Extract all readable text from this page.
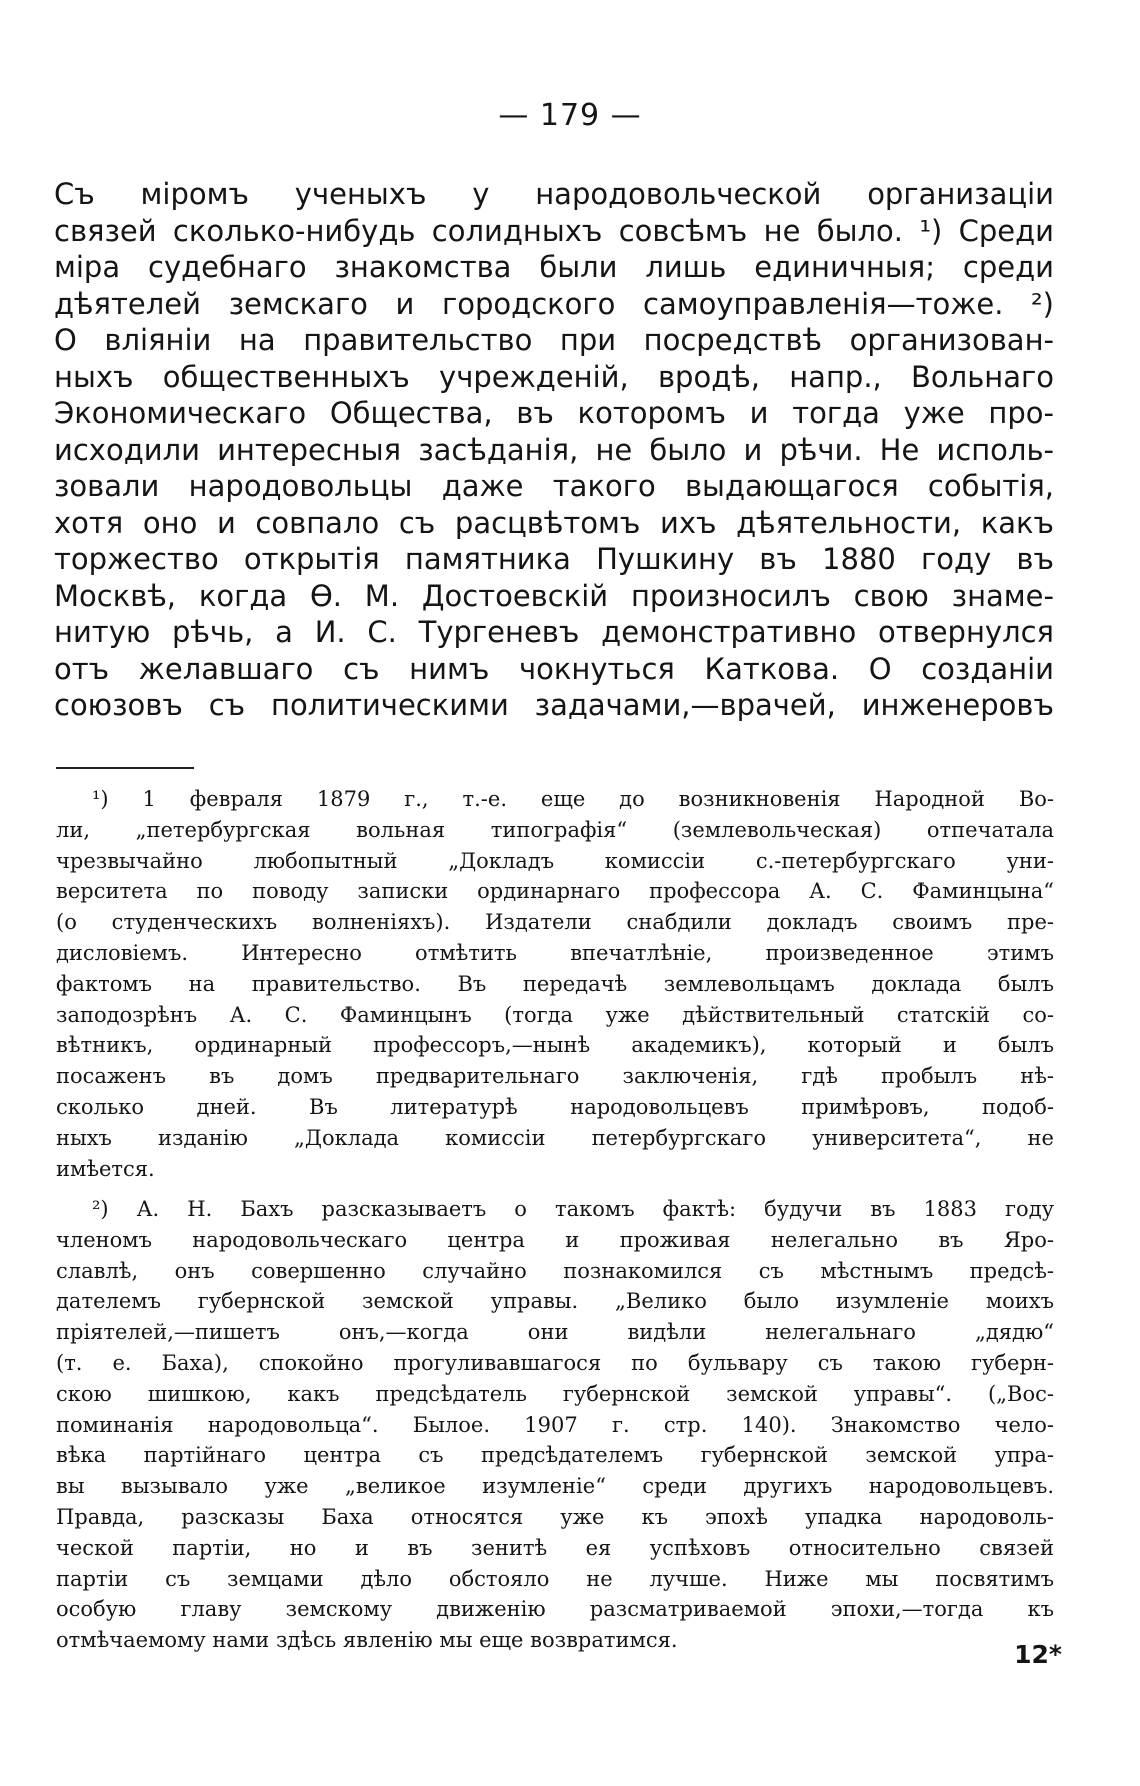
— 179 —
Съ міромъ ученыхъ у народовольческой организаціи
связей сколько-нибудь солидныхъ совсѣмъ не было. ¹) Среди
міра судебнаго знакомства были лишь единичныя; среди
дѣятелей земскаго и городского самоуправленія—тоже. ²)
О вліяніи на правительство при посредствѣ организован-
ныхъ общественныхъ учрежденій, вродѣ, напр., Вольнаго
Экономическаго Общества, въ которомъ и тогда уже про-
исходили интересныя засѣданія, не было и рѣчи. Не исполь-
зовали народовольцы даже такого выдающагося событія,
хотя оно и совпало съ расцвѣтомъ ихъ дѣятельности, какъ
торжество открытія памятника Пушкину въ 1880 году въ
Москвѣ, когда Ѳ. М. Достоевскій произносилъ свою знаме-
нитую рѣчь, а И. С. Тургеневъ демонстративно отвернулся
отъ желавшаго съ нимъ чокнуться Каткова. О созданіи
союзовъ съ политическими задачами,—врачей, инженеровъ
¹) 1 февраля 1879 г., т.-е. еще до возникновенія Народной Во-
ли, „петербургская вольная типографія“ (землевольческая) отпечатала
чрезвычайно любопытный „Докладъ комиссіи с.-петербургскаго уни-
верситета по поводу записки ординарнаго профессора А. С. Фаминцына“
(о студенческихъ волненіяхъ). Издатели снабдили докладъ своимъ пре-
дисловіемъ. Интересно отмѣтить впечатлѣніе, произведенное этимъ
фактомъ на правительство. Въ передачѣ землевольцамъ доклада былъ
заподозрѣнъ А. С. Фаминцынъ (тогда уже дѣйствительный статскій со-
вѣтникъ, ординарный профессоръ,—нынѣ академикъ), который и былъ
посаженъ въ домъ предварительнаго заключенія, гдѣ пробылъ нѣ-
сколько дней. Въ литературѣ народовольцевъ примѣровъ, подоб-
ныхъ изданію „Доклада комиссіи петербургскаго университета“, не
имѣется.
²) А. Н. Бахъ разсказываетъ о такомъ фактѣ: будучи въ 1883 году
членомъ народовольческаго центра и проживая нелегально въ Яро-
славлѣ, онъ совершенно случайно познакомился съ мѣстнымъ предсѣ-
дателемъ губернской земской управы. „Велико было изумленіе моихъ
пріятелей,—пишетъ онъ,—когда они видѣли нелегальнаго „дядю“
(т. е. Баха), спокойно прогуливавшагося по бульвару съ такою губерн-
скою шишкою, какъ предсѣдатель губернской земской управы“. („Вос-
поминанія народовольца“. Былое. 1907 г. стр. 140). Знакомство чело-
вѣка партійнаго центра съ предсѣдателемъ губернской земской упра-
вы вызывало уже „великое изумленіе“ среди другихъ народовольцевъ.
Правда, разсказы Баха относятся уже къ эпохѣ упадка народоволь-
ческой партіи, но и въ зенитѣ ея успѣховъ относительно связей
партіи съ земцами дѣло обстояло не лучше. Ниже мы посвятимъ
особую главу земскому движенію разсматриваемой эпохи,—тогда къ
отмѣчаемому нами здѣсь явленію мы еще возвратимся.	12*
